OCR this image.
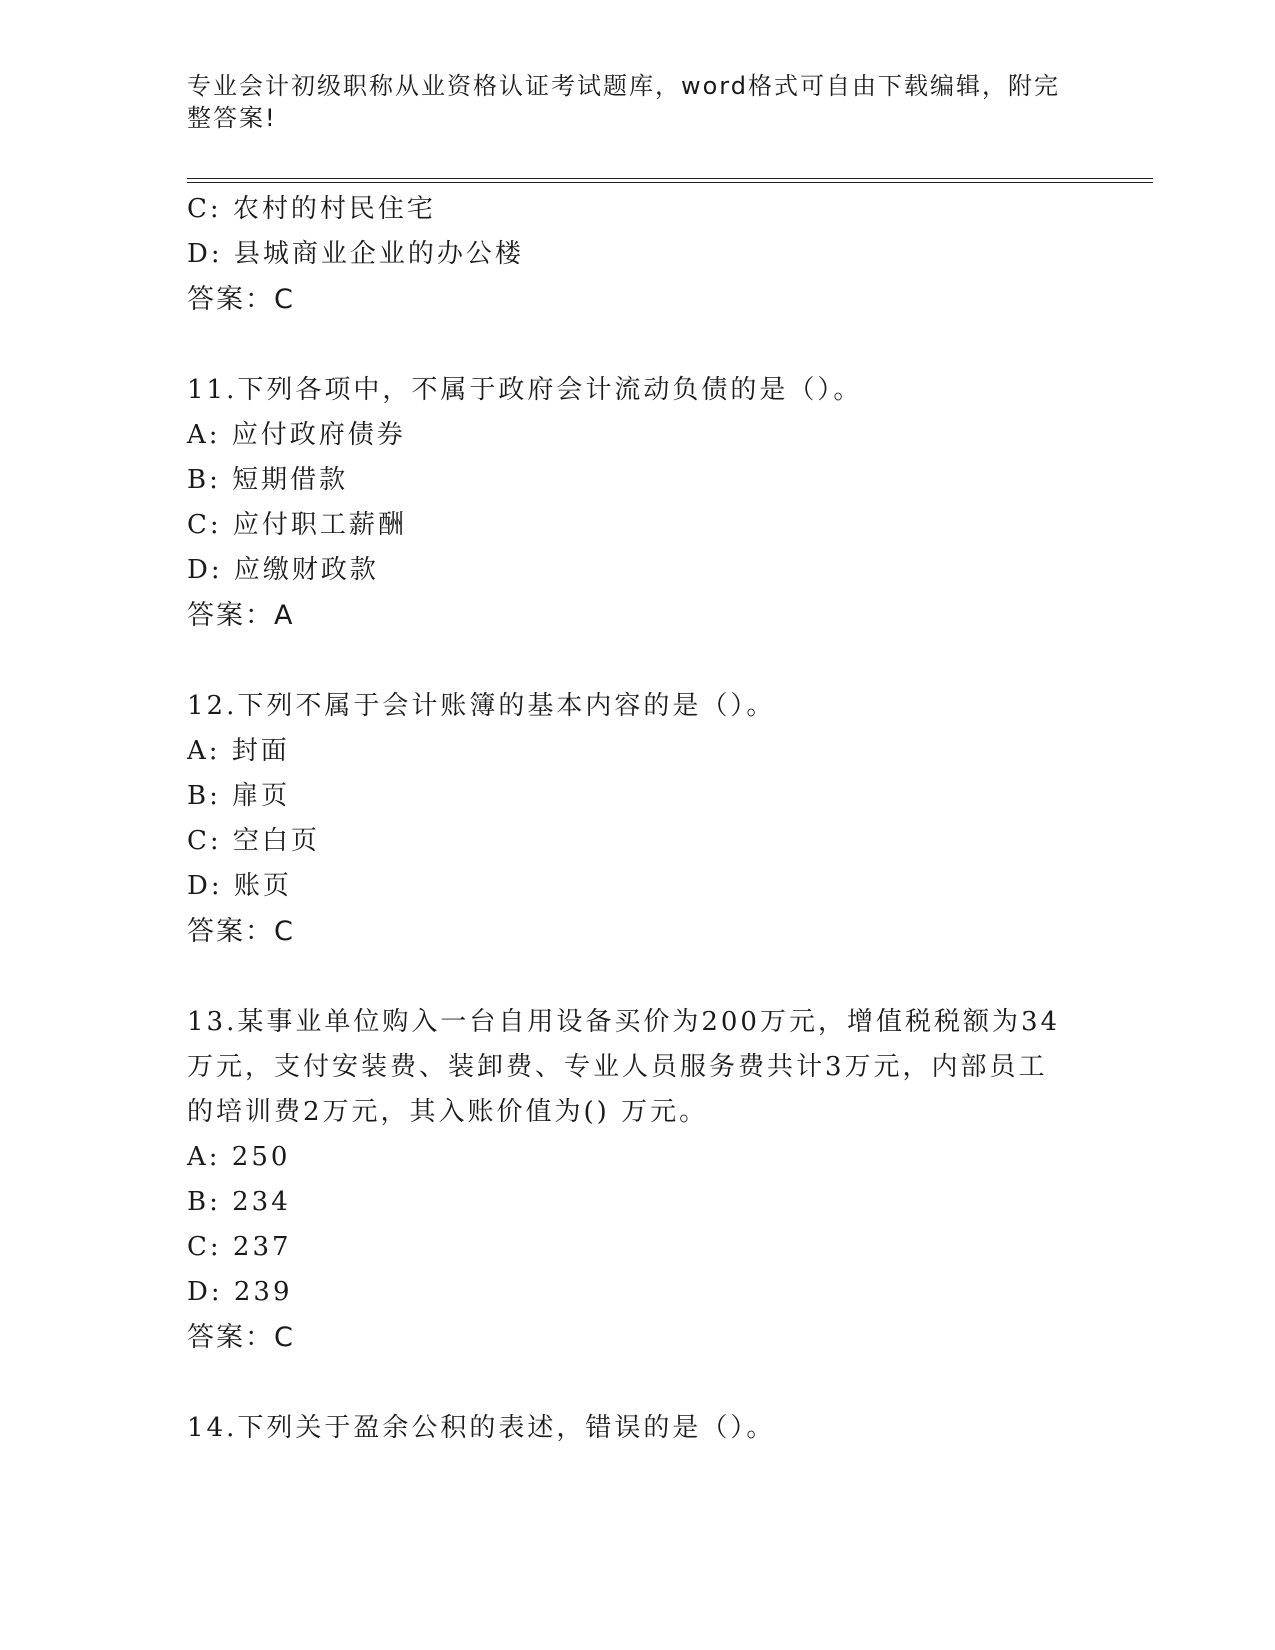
专业会计初级职称从业资格认证考试题库，word格式可自由下载编辑，附完整答案!
C: 农村的村民住宅
D: 县城商业企业的办公楼
答案：C
11.下列各项中，不属于政府会计流动负债的是（）。
A: 应付政府债券
B: 短期借款
C: 应付职工薪酬
D: 应缴财政款
答案：A
12.下列不属于会计账簿的基本内容的是（）。
A: 封面
B: 扉页
C: 空白页
D: 账页
答案：C
13.某事业单位购入一台自用设备买价为200万元，增值税税额为34万元，支付安装费、装卸费、专业人员服务费共计3万元，内部员工的培训费2万元，其入账价值为() 万元。
A: 250
B: 234
C: 237
D: 239
答案：C
14.下列关于盈余公积的表述，错误的是（）。
